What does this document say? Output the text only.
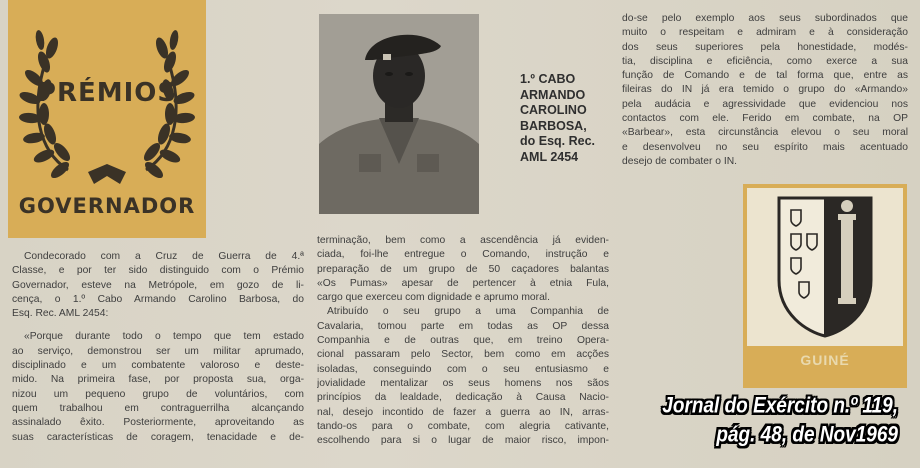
PRÉMIOS
GOVERNADOR
1.º CABO
ARMANDO
CAROLINO
BARBOSA,
do Esq. Rec.
AML 2454
Condecorado com a Cruz de Guerra de 4.ª
Classe, e por ter sido distinguido com o Prémio
Governador, esteve na Metrópole, em gozo de li-
cença, o 1.º Cabo Armando Carolino Barbosa, do
Esq. Rec. AML 2454:
«Porque durante todo o tempo que tem estado
ao serviço, demonstrou ser um militar aprumado,
disciplinado e um combatente valoroso e deste-
mido. Na primeira fase, por proposta sua, orga-
nizou um pequeno grupo de voluntários, com
quem trabalhou em contraguerrilha alcançando
assinalado êxito. Posteriormente, aproveitando as
suas características de coragem, tenacidade e de-
terminação, bem como a ascendência já eviden-
ciada, foi-lhe entregue o Comando, instrução e
preparação de um grupo de 50 caçadores balantas
«Os Pumas» apesar de pertencer à etnia Fula,
cargo que exerceu com dignidade e aprumo moral.
Atribuído o seu grupo a uma Companhia de
Cavalaria, tomou parte em todas as OP dessa
Companhia e de outras que, em treino Opera-
cional passaram pelo Sector, bem como em acções
isoladas, conseguindo com o seu entusiasmo e
jovialidade mentalizar os seus homens nos sãos
princípios da lealdade, dedicação à Causa Nacio-
nal, desejo incontido de fazer a guerra ao IN, arras-
tando-os para o combate, com alegria cativante,
escolhendo para si o lugar de maior risco, impon-
do-se pelo exemplo aos seus subordinados que
muito o respeitam e admiram e à consideração
dos seus superiores pela honestidade, modés-
tia, disciplina e eficiência, como exerce a sua
função de Comando e de tal forma que, entre as
fileiras do IN já era temido o grupo do «Armando»
pela audácia e agressividade que evidenciou nos
contactos com ele. Ferido em combate, na OP
«Barbear», esta circunstância elevou o seu moral
e desenvolveu no seu espírito mais acentuado
desejo de combater o IN.
GUINÉ
Jornal do Exército n.º 119,
pág. 48, de Nov1969
